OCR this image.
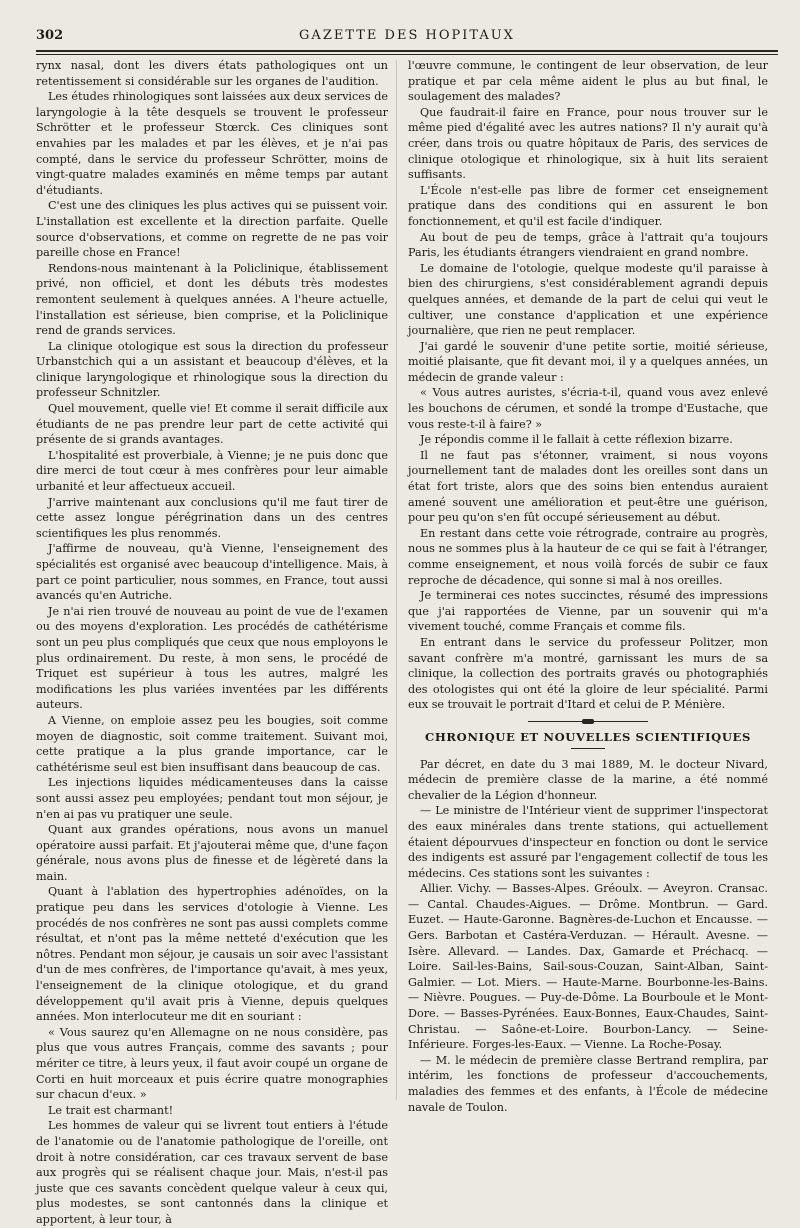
302	GAZETTE DES HOPITAUX

rynx nasal, dont les divers états pathologiques ont un retentissement si considérable sur les organes de l'audition.

Les études rhinologiques sont laissées aux deux services de laryngologie à la tête desquels se trouvent le professeur Schrötter et le professeur Stœrck. Ces cliniques sont envahies par les malades et par les élèves, et je n'ai pas compté, dans le service du professeur Schrötter, moins de vingt-quatre malades examinés en même temps par autant d'étudiants.

C'est une des cliniques les plus actives qui se puissent voir. L'installation est excellente et la direction parfaite. Quelle source d'observations, et comme on regrette de ne pas voir pareille chose en France!

Rendons-nous maintenant à la Policlinique, établissement privé, non officiel, et dont les débuts très modestes remontent seulement à quelques années. A l'heure actuelle, l'installation est sérieuse, bien comprise, et la Policlinique rend de grands services.

La clinique otologique est sous la direction du professeur Urbanstchich qui a un assistant et beaucoup d'élèves, et la clinique laryngologique et rhinologique sous la direction du professeur Schnitzler.

Quel mouvement, quelle vie! Et comme il serait difficile aux étudiants de ne pas prendre leur part de cette activité qui présente de si grands avantages.

L'hospitalité est proverbiale, à Vienne; je ne puis donc que dire merci de tout cœur à mes confrères pour leur aimable urbanité et leur affectueux accueil.

J'arrive maintenant aux conclusions qu'il me faut tirer de cette assez longue pérégrination dans un des centres scientifiques les plus renommés.

J'affirme de nouveau, qu'à Vienne, l'enseignement des spécialités est organisé avec beaucoup d'intelligence. Mais, à part ce point particulier, nous sommes, en France, tout aussi avancés qu'en Autriche.

Je n'ai rien trouvé de nouveau au point de vue de l'examen ou des moyens d'exploration. Les procédés de cathétérisme sont un peu plus compliqués que ceux que nous employons le plus ordinairement. Du reste, à mon sens, le procédé de Triquet est supérieur à tous les autres, malgré les modifications les plus variées inventées par les différents auteurs.

A Vienne, on emploie assez peu les bougies, soit comme moyen de diagnostic, soit comme traitement. Suivant moi, cette pratique a la plus grande importance, car le cathétérisme seul est bien insuffisant dans beaucoup de cas.

Les injections liquides médicamenteuses dans la caisse sont aussi assez peu employées; pendant tout mon séjour, je n'en ai pas vu pratiquer une seule.

Quant aux grandes opérations, nous avons un manuel opératoire aussi parfait. Et j'ajouterai même que, d'une façon générale, nous avons plus de finesse et de légèreté dans la main.

Quant à l'ablation des hypertrophies adénoïdes, on la pratique peu dans les services d'otologie à Vienne. Les procédés de nos confrères ne sont pas aussi complets comme résultat, et n'ont pas la même netteté d'exécution que les nôtres. Pendant mon séjour, je causais un soir avec l'assistant d'un de mes confrères, de l'importance qu'avait, à mes yeux, l'enseignement de la clinique otologique, et du grand développement qu'il avait pris à Vienne, depuis quelques années. Mon interlocuteur me dit en souriant :

« Vous saurez qu'en Allemagne on ne nous considère, pas plus que vous autres Français, comme des savants ; pour mériter ce titre, à leurs yeux, il faut avoir coupé un organe de Corti en huit morceaux et puis écrire quatre monographies sur chacun d'eux. »

Le trait est charmant!

Les hommes de valeur qui se livrent tout entiers à l'étude de l'anatomie ou de l'anatomie pathologique de l'oreille, ont droit à notre considération, car ces travaux servent de base aux progrès qui se réalisent chaque jour. Mais, n'est-il pas juste que ces savants concèdent quelque valeur à ceux qui, plus modestes, se sont cantonnés dans la clinique et apportent, à leur tour, à

l'œuvre commune, le contingent de leur observation, de leur pratique et par cela même aident le plus au but final, le soulagement des malades?

Que faudrait-il faire en France, pour nous trouver sur le même pied d'égalité avec les autres nations? Il n'y aurait qu'à créer, dans trois ou quatre hôpitaux de Paris, des services de clinique otologique et rhinologique, six à huit lits seraient suffisants.

L'École n'est-elle pas libre de former cet enseignement pratique dans des conditions qui en assurent le bon fonctionnement, et qu'il est facile d'indiquer.

Au bout de peu de temps, grâce à l'attrait qu'a toujours Paris, les étudiants étrangers viendraient en grand nombre.

Le domaine de l'otologie, quelque modeste qu'il paraisse à bien des chirurgiens, s'est considérablement agrandi depuis quelques années, et demande de la part de celui qui veut le cultiver, une constance d'application et une expérience journalière, que rien ne peut remplacer.

J'ai gardé le souvenir d'une petite sortie, moitié sérieuse, moitié plaisante, que fit devant moi, il y a quelques années, un médecin de grande valeur :

« Vous autres auristes, s'écria-t-il, quand vous avez enlevé les bouchons de cérumen, et sondé la trompe d'Eustache, que vous reste-t-il à faire? »

Je répondis comme il le fallait à cette réflexion bizarre.

Il ne faut pas s'étonner, vraiment, si nous voyons journellement tant de malades dont les oreilles sont dans un état fort triste, alors que des soins bien entendus auraient amené souvent une amélioration et peut-être une guérison, pour peu qu'on s'en fût occupé sérieusement au début.

En restant dans cette voie rétrograde, contraire au progrès, nous ne sommes plus à la hauteur de ce qui se fait à l'étranger, comme enseignement, et nous voilà forcés de subir ce faux reproche de décadence, qui sonne si mal à nos oreilles.

Je terminerai ces notes succinctes, résumé des impressions que j'ai rapportées de Vienne, par un souvenir qui m'a vivement touché, comme Français et comme fils.

En entrant dans le service du professeur Politzer, mon savant confrère m'a montré, garnissant les murs de sa clinique, la collection des portraits gravés ou photographiés des otologistes qui ont été la gloire de leur spécialité. Parmi eux se trouvait le portrait d'Itard et celui de P. Ménière.

CHRONIQUE ET NOUVELLES SCIENTIFIQUES

Par décret, en date du 3 mai 1889, M. le docteur Nivard, médecin de première classe de la marine, a été nommé chevalier de la Légion d'honneur.

— Le ministre de l'Intérieur vient de supprimer l'inspectorat des eaux minérales dans trente stations, qui actuellement étaient dépourvues d'inspecteur en fonction ou dont le service des indigents est assuré par l'engagement collectif de tous les médecins. Ces stations sont les suivantes :

Allier. Vichy. — Basses-Alpes. Gréoulx. — Aveyron. Cransac. — Cantal. Chaudes-Aigues. — Drôme. Montbrun. — Gard. Euzet. — Haute-Garonne. Bagnères-de-Luchon et Encausse. — Gers. Barbotan et Castéra-Verduzan. — Hérault. Avesne. — Isère. Allevard. — Landes. Dax, Gamarde et Préchacq. — Loire. Sail-les-Bains, Sail-sous-Couzan, Saint-Alban, Saint-Galmier. — Lot. Miers. — Haute-Marne. Bourbonne-les-Bains. — Nièvre. Pougues. — Puy-de-Dôme. La Bourboule et le Mont-Dore. — Basses-Pyrénées. Eaux-Bonnes, Eaux-Chaudes, Saint-Christau. — Saône-et-Loire. Bourbon-Lancy. — Seine-Inférieure. Forges-les-Eaux. — Vienne. La Roche-Posay.

— M. le médecin de première classe Bertrand remplira, par intérim, les fonctions de professeur d'accouchements, maladies des femmes et des enfants, à l'École de médecine navale de Toulon.
